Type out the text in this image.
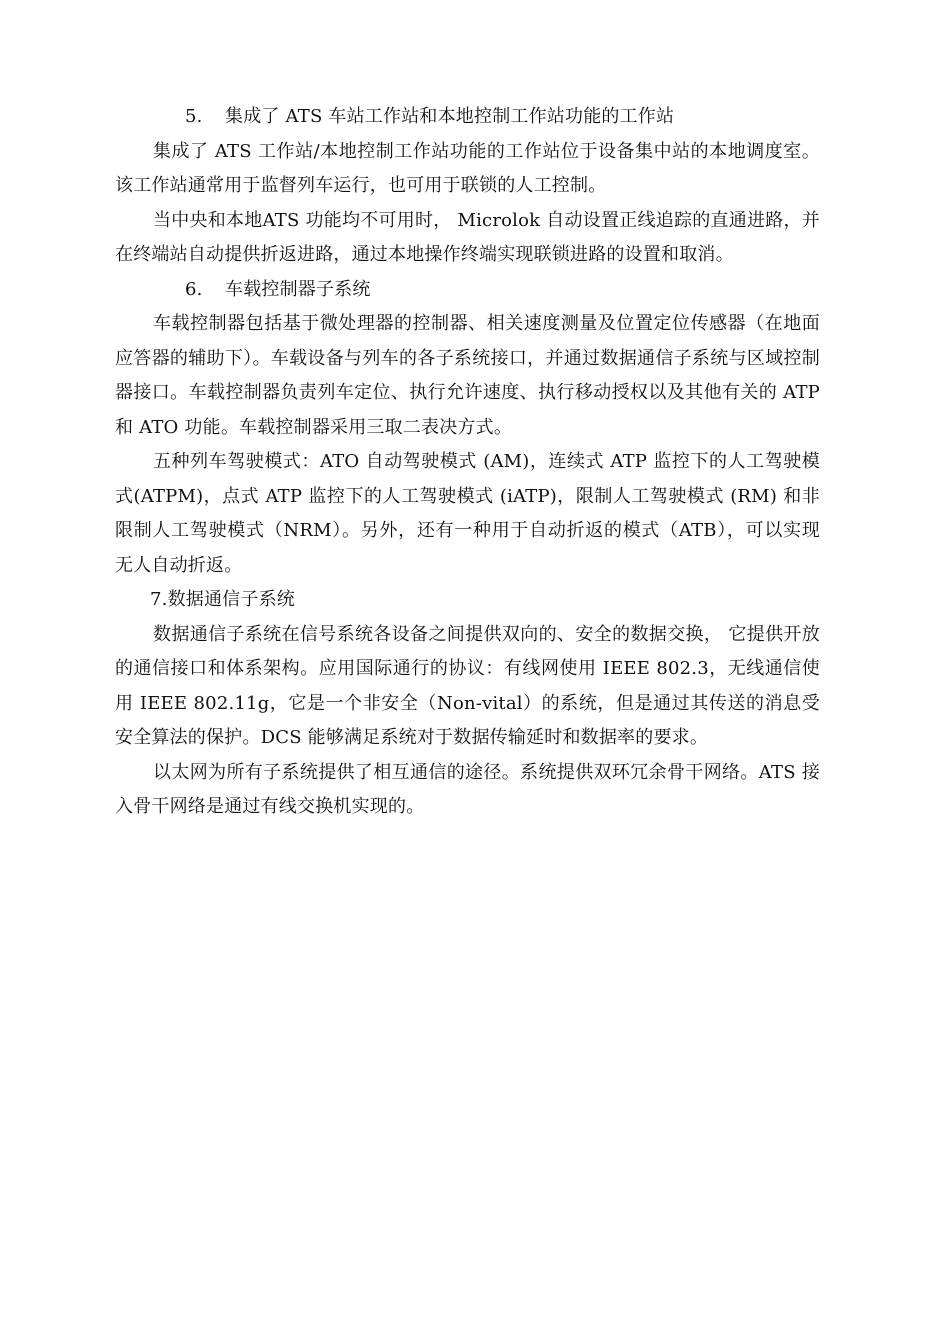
5. 集成了 ATS 车站工作站和本地控制工作站功能的工作站

集成了 ATS 工作站/本地控制工作站功能的工作站位于设备集中站的本地调度室。该工作站通常用于监督列车运行，也可用于联锁的人工控制。

当中央和本地ATS 功能均不可用时， Microlok 自动设置正线追踪的直通进路，并在终端站自动提供折返进路，通过本地操作终端实现联锁进路的设置和取消。

6. 车载控制器子系统

车载控制器包括基于微处理器的控制器、相关速度测量及位置定位传感器（在地面应答器的辅助下）。车载设备与列车的各子系统接口，并通过数据通信子系统与区域控制器接口。车载控制器负责列车定位、执行允许速度、执行移动授权以及其他有关的 ATP 和 ATO 功能。车载控制器采用三取二表决方式。

五种列车驾驶模式：ATO 自动驾驶模式 (AM)，连续式 ATP 监控下的人工驾驶模式(ATPM)，点式 ATP 监控下的人工驾驶模式 (iATP)，限制人工驾驶模式 (RM) 和非限制人工驾驶模式（NRM）。另外，还有一种用于自动折返的模式（ATB），可以实现无人自动折返。

7.数据通信子系统

数据通信子系统在信号系统各设备之间提供双向的、安全的数据交换， 它提供开放的通信接口和体系架构。应用国际通行的协议：有线网使用 IEEE 802.3，无线通信使用 IEEE 802.11g，它是一个非安全（Non-vital）的系统，但是通过其传送的消息受安全算法的保护。DCS 能够满足系统对于数据传输延时和数据率的要求。

以太网为所有子系统提供了相互通信的途径。系统提供双环冗余骨干网络。ATS 接入骨干网络是通过有线交换机实现的。
